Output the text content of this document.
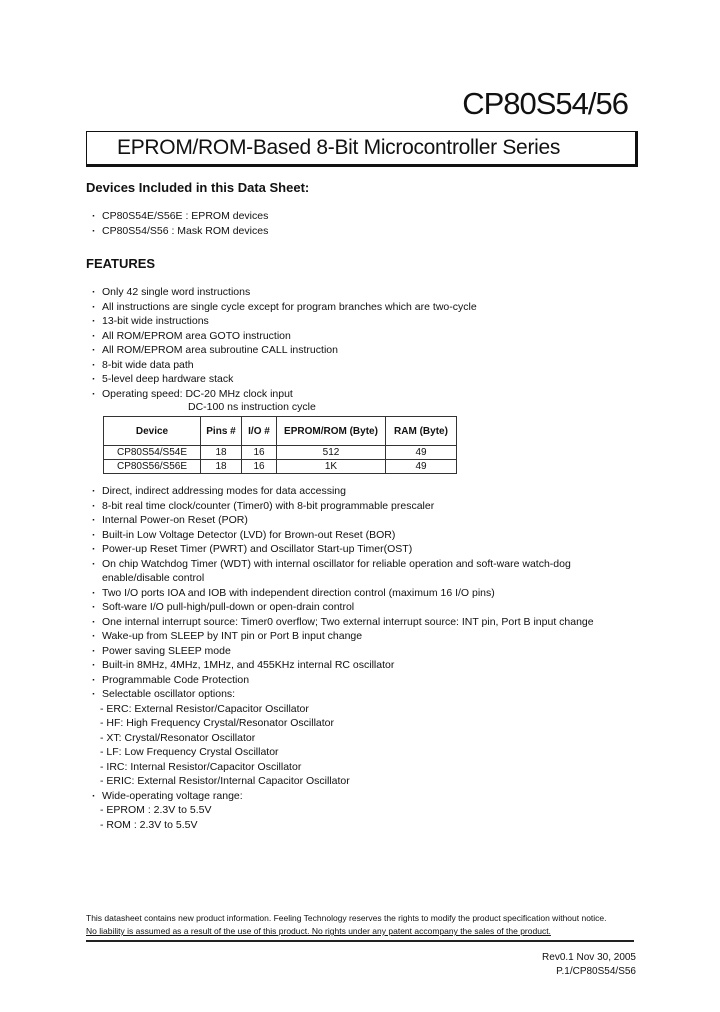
CP80S54/56
EPROM/ROM-Based 8-Bit Microcontroller Series
Devices Included in this Data Sheet:
· CP80S54E/S56E : EPROM devices
· CP80S54/S56 : Mask ROM devices
FEATURES
· Only 42 single word instructions
· All instructions are single cycle except for program branches which are two-cycle
· 13-bit wide instructions
· All ROM/EPROM area GOTO instruction
· All ROM/EPROM area subroutine CALL instruction
· 8-bit wide data path
· 5-level deep hardware stack
· Operating speed: DC-20 MHz clock input
DC-100 ns instruction cycle
Device	Pins #	I/O #	EPROM/ROM (Byte)	RAM (Byte)
CP80S54/S54E	18	16	512	49
CP80S56/S56E	18	16	1K	49
· Direct, indirect addressing modes for data accessing
· 8-bit real time clock/counter (Timer0) with 8-bit programmable prescaler
· Internal Power-on Reset (POR)
· Built-in Low Voltage Detector (LVD) for Brown-out Reset (BOR)
· Power-up Reset Timer (PWRT) and Oscillator Start-up Timer(OST)
· On chip Watchdog Timer (WDT) with internal oscillator for reliable operation and soft-ware watch-dog
enable/disable control
· Two I/O ports IOA and IOB with independent direction control (maximum 16 I/O pins)
· Soft-ware I/O pull-high/pull-down or open-drain control
· One internal interrupt source: Timer0 overflow; Two external interrupt source: INT pin, Port B input change
· Wake-up from SLEEP by INT pin or Port B input change
· Power saving SLEEP mode
· Built-in 8MHz, 4MHz, 1MHz, and 455KHz internal RC oscillator
· Programmable Code Protection
· Selectable oscillator options:
- ERC: External Resistor/Capacitor Oscillator
- HF: High Frequency Crystal/Resonator Oscillator
- XT: Crystal/Resonator Oscillator
- LF: Low Frequency Crystal Oscillator
- IRC: Internal Resistor/Capacitor Oscillator
- ERIC: External Resistor/Internal Capacitor Oscillator
· Wide-operating voltage range:
- EPROM : 2.3V to 5.5V
- ROM : 2.3V to 5.5V
This datasheet contains new product information. Feeling Technology reserves the rights to modify the product specification without notice.
No liability is assumed as a result of the use of this product. No rights under any patent accompany the sales of the product.
Rev0.1 Nov 30, 2005
P.1/CP80S54/S56
